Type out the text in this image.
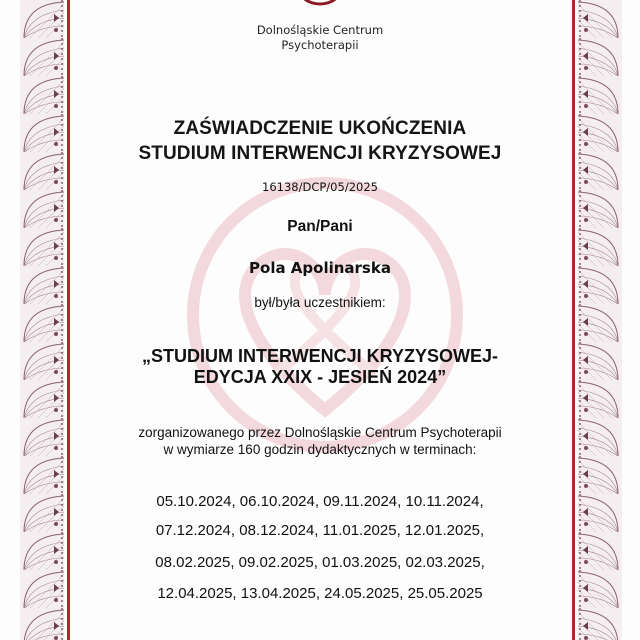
Dolnośląskie Centrum
Psychoterapii
ZAŚWIADCZENIE UKOŃCZENIA
STUDIUM INTERWENCJI KRYZYSOWEJ
16138/DCP/05/2025
Pan/Pani
Pola Apolinarska
był/była uczestnikiem:
„STUDIUM INTERWENCJI KRYZYSOWEJ-
EDYCJA XXIX - JESIEŃ 2024”
zorganizowanego przez Dolnośląskie Centrum Psychoterapii
w wymiarze 160 godzin dydaktycznych w terminach:
05.10.2024, 06.10.2024, 09.11.2024, 10.11.2024,
07.12.2024, 08.12.2024, 11.01.2025, 12.01.2025,
08.02.2025, 09.02.2025, 01.03.2025, 02.03.2025,
12.04.2025, 13.04.2025, 24.05.2025, 25.05.2025
